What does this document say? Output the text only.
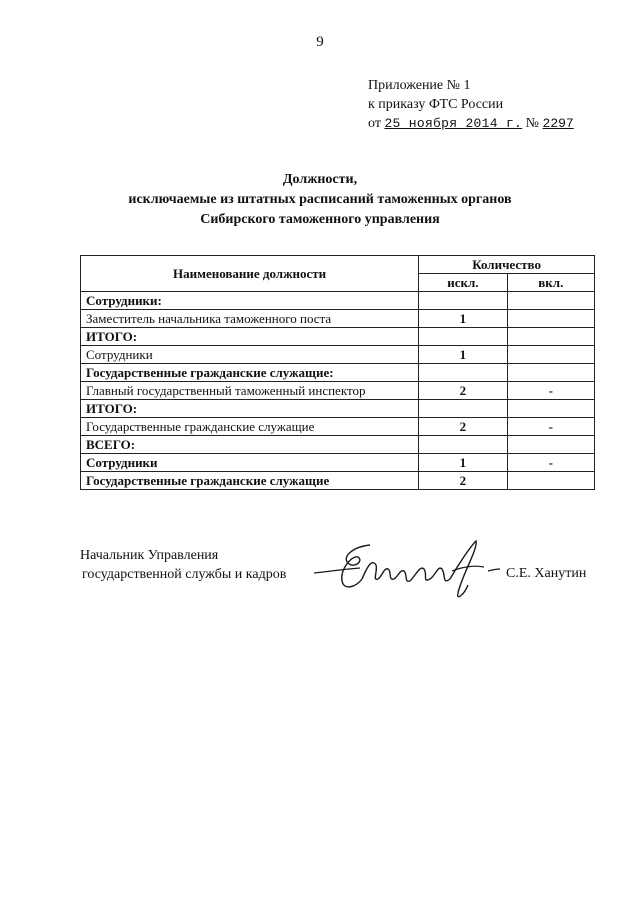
9
Приложение № 1
к приказу ФТС России
от 25 ноября 2014 г. № 2297
Должности,
исключаемые из штатных расписаний таможенных органов
Сибирского таможенного управления
Наименование должности	Количество	
	искл.	вкл.
Сотрудники:		
Заместитель начальника таможенного поста	1	
ИТОГО:		
Сотрудники	1	
Государственные гражданские служащие:		
Главный государственный таможенный инспектор	2	-
ИТОГО:		
Государственные гражданские служащие	2	-
ВСЕГО:		
Сотрудники	1	-
Государственные гражданские служащие	2	
Начальник Управления
государственной службы и кадров	С.Е. Ханутин
